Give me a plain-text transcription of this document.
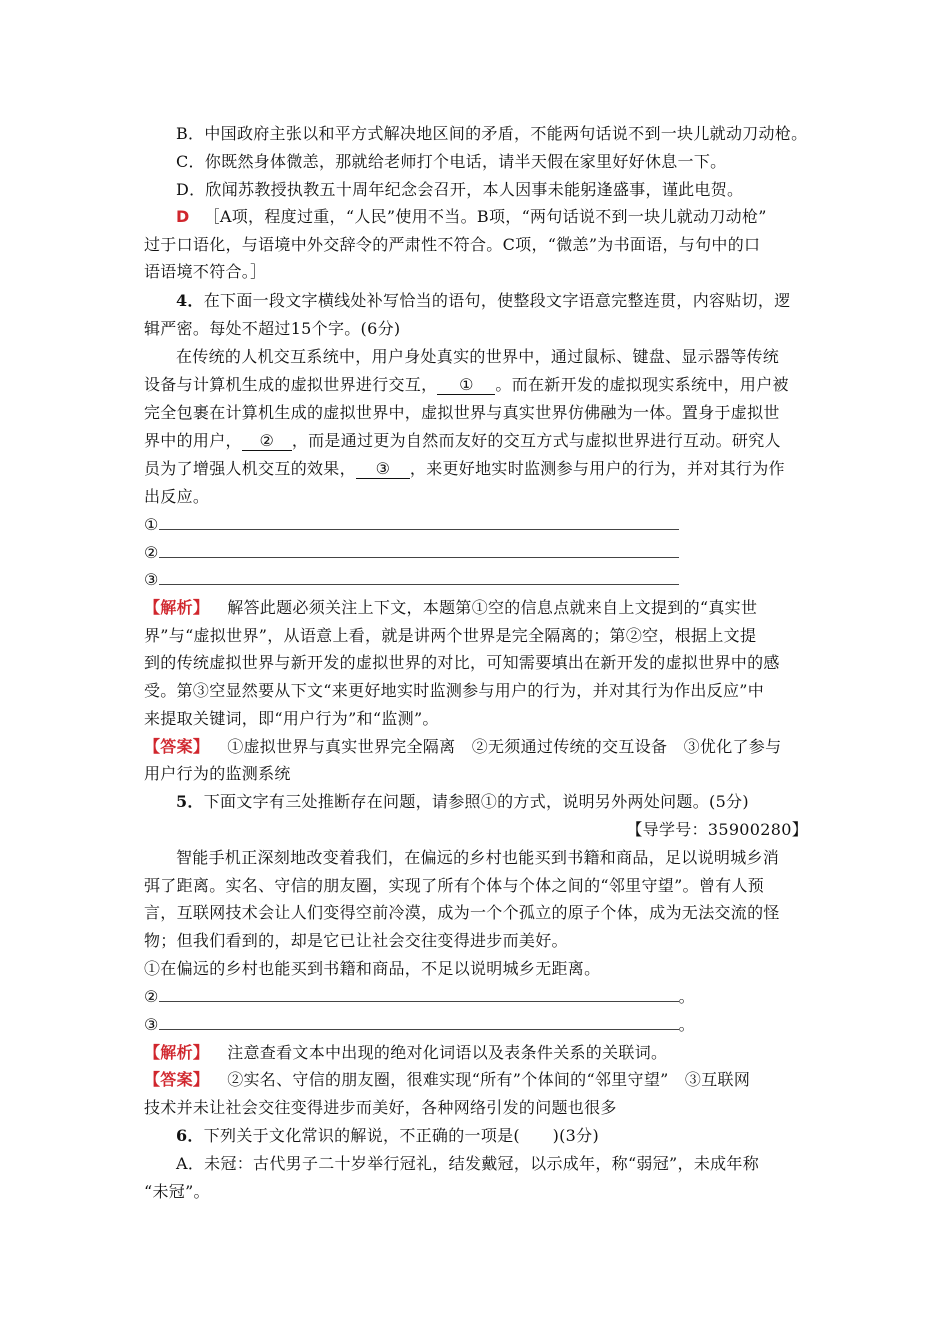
B．中国政府主张以和平方式解决地区间的矛盾，不能两句话说不到一块儿就动刀动枪。
C．你既然身体微恙，那就给老师打个电话，请半天假在家里好好休息一下。
D．欣闻苏教授执教五十周年纪念会召开，本人因事未能躬逢盛事，谨此电贺。
D ［A项，程度过重，“人民”使用不当。B项，“两句话说不到一块儿就动刀动枪”
过于口语化，与语境中外交辞令的严肃性不符合。C项，“微恙”为书面语，与句中的口
语语境不符合。］
4．在下面一段文字横线处补写恰当的语句，使整段文字语意完整连贯，内容贴切，逻
辑严密。每处不超过15个字。(6分)
在传统的人机交互系统中，用户身处真实的世界中，通过鼠标、键盘、显示器等传统
设备与计算机生成的虚拟世界进行交互， ① 。而在新开发的虚拟现实系统中，用户被
完全包裹在计算机生成的虚拟世界中，虚拟世界与真实世界仿佛融为一体。置身于虚拟世
界中的用户， ② ，而是通过更为自然而友好的交互方式与虚拟世界进行互动。研究人
员为了增强人机交互的效果， ③ ，来更好地实时监测参与用户的行为，并对其行为作
出反应。
①
②
③
【解析】 解答此题必须关注上下文，本题第①空的信息点就来自上文提到的“真实世
界”与“虚拟世界”，从语意上看，就是讲两个世界是完全隔离的；第②空，根据上文提
到的传统虚拟世界与新开发的虚拟世界的对比，可知需要填出在新开发的虚拟世界中的感
受。第③空显然要从下文“来更好地实时监测参与用户的行为，并对其行为作出反应”中
来提取关键词，即“用户行为”和“监测”。
【答案】 ①虚拟世界与真实世界完全隔离　②无须通过传统的交互设备　③优化了参与
用户行为的监测系统
5．下面文字有三处推断存在问题，请参照①的方式，说明另外两处问题。(5分)
【导学号：35900280】
智能手机正深刻地改变着我们，在偏远的乡村也能买到书籍和商品，足以说明城乡消
弭了距离。实名、守信的朋友圈，实现了所有个体与个体之间的“邻里守望”。曾有人预
言，互联网技术会让人们变得空前冷漠，成为一个个孤立的原子个体，成为无法交流的怪
物；但我们看到的，却是它已让社会交往变得进步而美好。
①在偏远的乡村也能买到书籍和商品，不足以说明城乡无距离。
②	。
③	。
【解析】 注意查看文本中出现的绝对化词语以及表条件关系的关联词。
【答案】 ②实名、守信的朋友圈，很难实现“所有”个体间的“邻里守望”　③互联网
技术并未让社会交往变得进步而美好，各种网络引发的问题也很多
6．下列关于文化常识的解说，不正确的一项是(　　)(3分)
A．未冠：古代男子二十岁举行冠礼，结发戴冠，以示成年，称“弱冠”，未成年称
“未冠”。
